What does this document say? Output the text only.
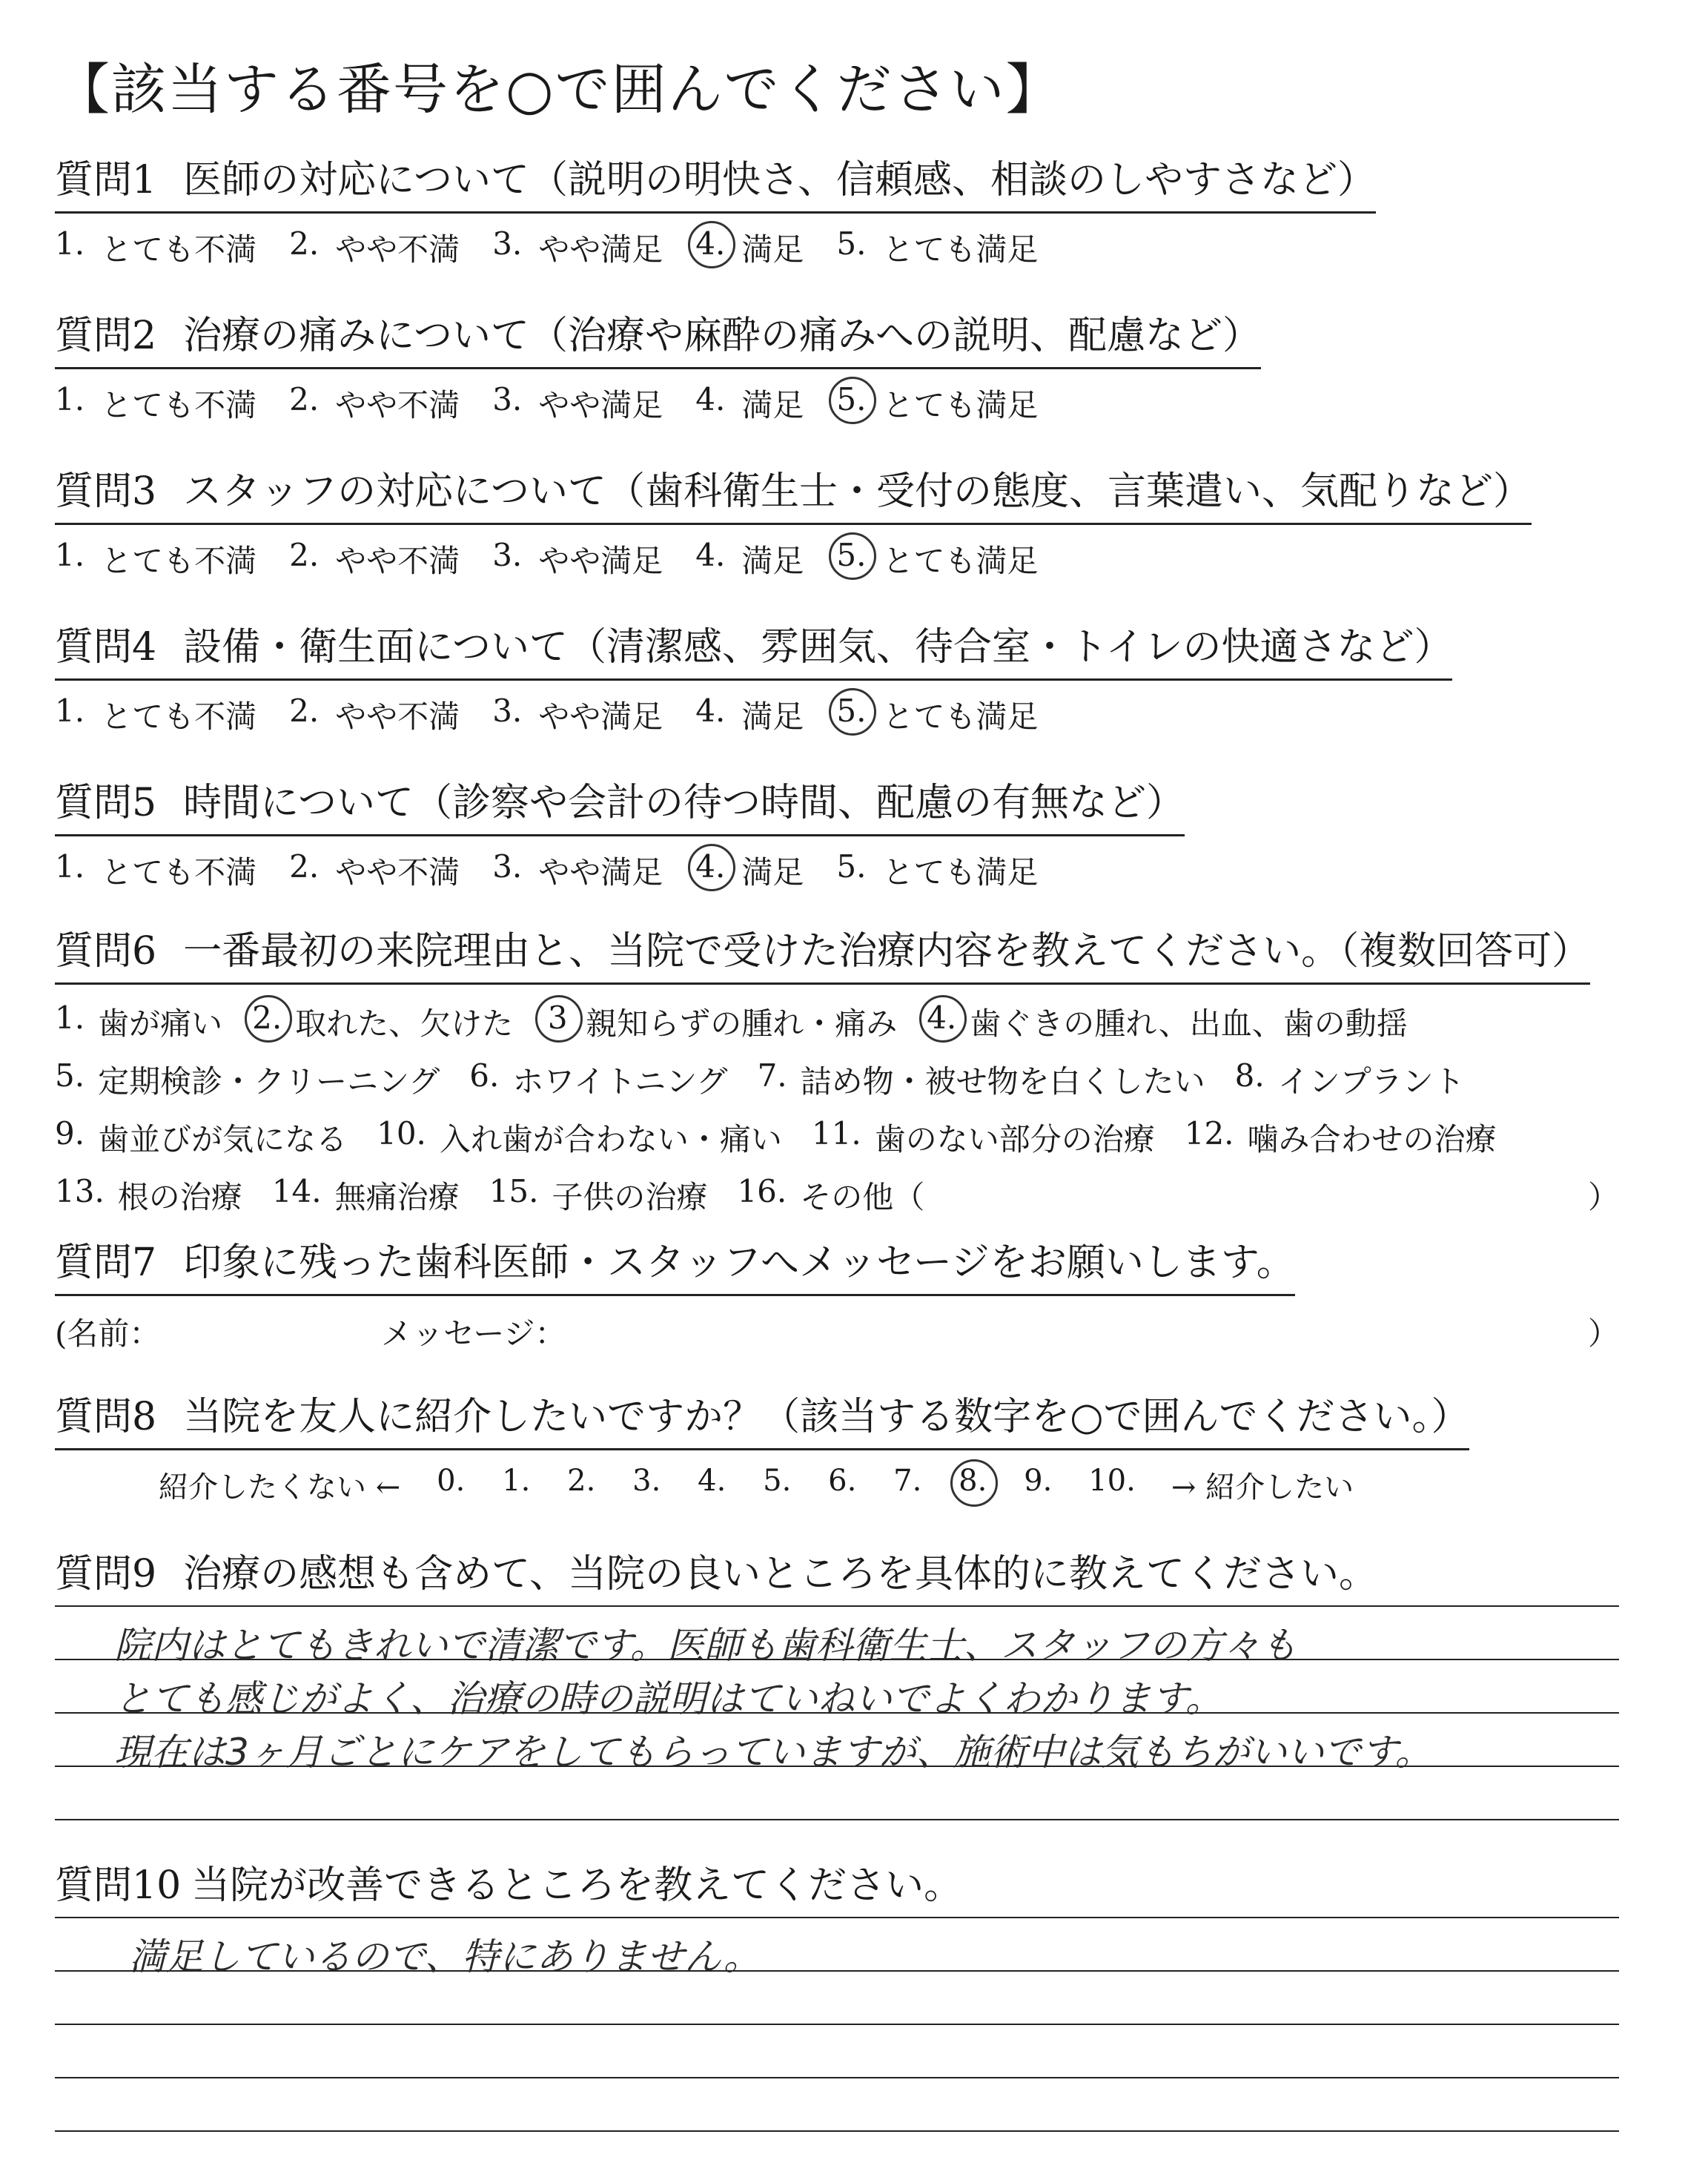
【該当する番号を○で囲んでください】
質問1 医師の対応について（説明の明快さ、信頼感、相談のしやすさなど）
1. とても不満 2. やや不満 3. やや満足 4. 満足 5. とても満足
質問2 治療の痛みについて（治療や麻酔の痛みへの説明、配慮など）
1. とても不満 2. やや不満 3. やや満足 4. 満足 5. とても満足
質問3 スタッフの対応について（歯科衛生士・受付の態度、言葉遣い、気配りなど）
1. とても不満 2. やや不満 3. やや満足 4. 満足 5. とても満足
質問4 設備・衛生面について（清潔感、雰囲気、待合室・トイレの快適さなど）
1. とても不満 2. やや不満 3. やや満足 4. 満足 5. とても満足
質問5 時間について（診察や会計の待つ時間、配慮の有無など）
1. とても不満 2. やや不満 3. やや満足 4. 満足 5. とても満足
質問6 一番最初の来院理由と、当院で受けた治療内容を教えてください。（複数回答可）
1. 歯が痛い 2. 取れた、欠けた 3 親知らずの腫れ・痛み 4. 歯ぐきの腫れ、出血、歯の動揺
5. 定期検診・クリーニング 6. ホワイトニング 7. 詰め物・被せ物を白くしたい 8. インプラント
9. 歯並びが気になる 10. 入れ歯が合わない・痛い 11. 歯のない部分の治療 12. 噛み合わせの治療
13. 根の治療 14. 無痛治療 15. 子供の治療 16. その他（	）
質問7 印象に残った歯科医師・スタッフへメッセージをお願いします。
(名前：	メッセージ：	）
質問8 当院を友人に紹介したいですか？（該当する数字を○で囲んでください。）
紹介したくない ← 0. 1. 2. 3. 4. 5. 6. 7. 8. 9. 10. → 紹介したい
質問9 治療の感想も含めて、当院の良いところを具体的に教えてください。
院内はとてもきれいで清潔です。医師も歯科衛生士、スタッフの方々も
とても感じがよく、治療の時の説明はていねいでよくわかります。
現在は3ヶ月ごとにケアをしてもらっていますが、施術中は気もちがいいです。
質問10 当院が改善できるところを教えてください。
満足しているので、特にありません。
